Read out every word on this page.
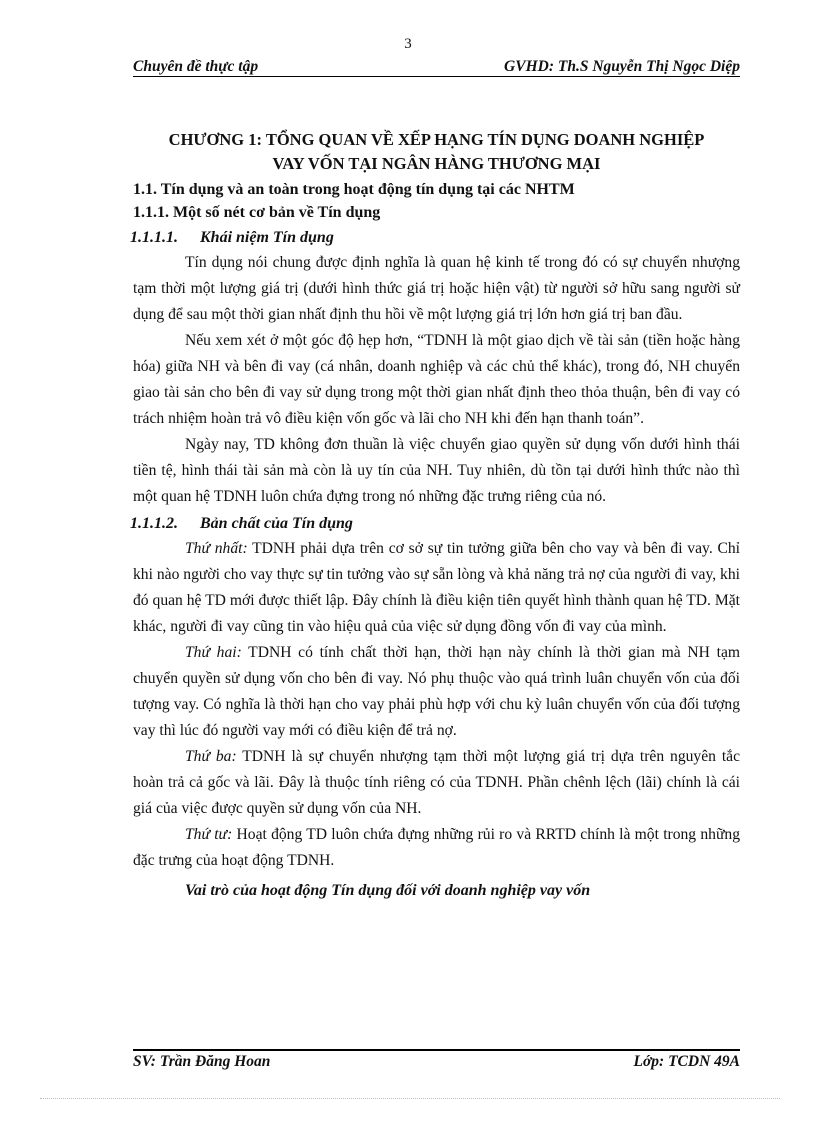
3
Chuyên đề thực tập	GVHD: Th.S Nguyễn Thị Ngọc Diệp

CHƯƠNG 1: TỔNG QUAN VỀ XẾP HẠNG TÍN DỤNG DOANH NGHIỆP
VAY VỐN TẠI NGÂN HÀNG THƯƠNG MẠI

1.1. Tín dụng và an toàn trong hoạt động tín dụng tại các NHTM

1.1.1. Một số nét cơ bản về Tín dụng

1.1.1.1. Khái niệm Tín dụng

Tín dụng nói chung được định nghĩa là quan hệ kinh tế trong đó có sự chuyển nhượng tạm thời một lượng giá trị (dưới hình thức giá trị hoặc hiện vật) từ người sở hữu sang người sử dụng để sau một thời gian nhất định thu hồi về một lượng giá trị lớn hơn giá trị ban đầu.

Nếu xem xét ở một góc độ hẹp hơn, “TDNH là một giao dịch về tài sản (tiền hoặc hàng hóa) giữa NH và bên đi vay (cá nhân, doanh nghiệp và các chủ thể khác), trong đó, NH chuyển giao tài sản cho bên đi vay sử dụng trong một thời gian nhất định theo thỏa thuận, bên đi vay có trách nhiệm hoàn trả vô điều kiện vốn gốc và lãi cho NH khi đến hạn thanh toán”.

Ngày nay, TD không đơn thuần là việc chuyển giao quyền sử dụng vốn dưới hình thái tiền tệ, hình thái tài sản mà còn là uy tín của NH. Tuy nhiên, dù tồn tại dưới hình thức nào thì một quan hệ TDNH luôn chứa đựng trong nó những đặc trưng riêng của nó.

1.1.1.2. Bản chất của Tín dụng

Thứ nhất: TDNH phải dựa trên cơ sở sự tin tưởng giữa bên cho vay và bên đi vay. Chỉ khi nào người cho vay thực sự tin tưởng vào sự sẵn lòng và khả năng trả nợ của người đi vay, khi đó quan hệ TD mới được thiết lập. Đây chính là điều kiện tiên quyết hình thành quan hệ TD. Mặt khác, người đi vay cũng tin vào hiệu quả của việc sử dụng đồng vốn đi vay của mình.

Thứ hai: TDNH có tính chất thời hạn, thời hạn này chính là thời gian mà NH tạm chuyển quyền sử dụng vốn cho bên đi vay. Nó phụ thuộc vào quá trình luân chuyển vốn của đối tượng vay. Có nghĩa là thời hạn cho vay phải phù hợp với chu kỳ luân chuyển vốn của đối tượng vay thì lúc đó người vay mới có điều kiện để trả nợ.

Thứ ba: TDNH là sự chuyển nhượng tạm thời một lượng giá trị dựa trên nguyên tắc hoàn trả cả gốc và lãi. Đây là thuộc tính riêng có của TDNH. Phần chênh lệch (lãi) chính là cái giá của việc được quyền sử dụng vốn của NH.

Thứ tư: Hoạt động TD luôn chứa đựng những rủi ro và RRTD chính là một trong những đặc trưng của hoạt động TDNH.

Vai trò của hoạt động Tín dụng đối với doanh nghiệp vay vốn

SV: Trần Đăng Hoan	Lớp: TCDN 49A
